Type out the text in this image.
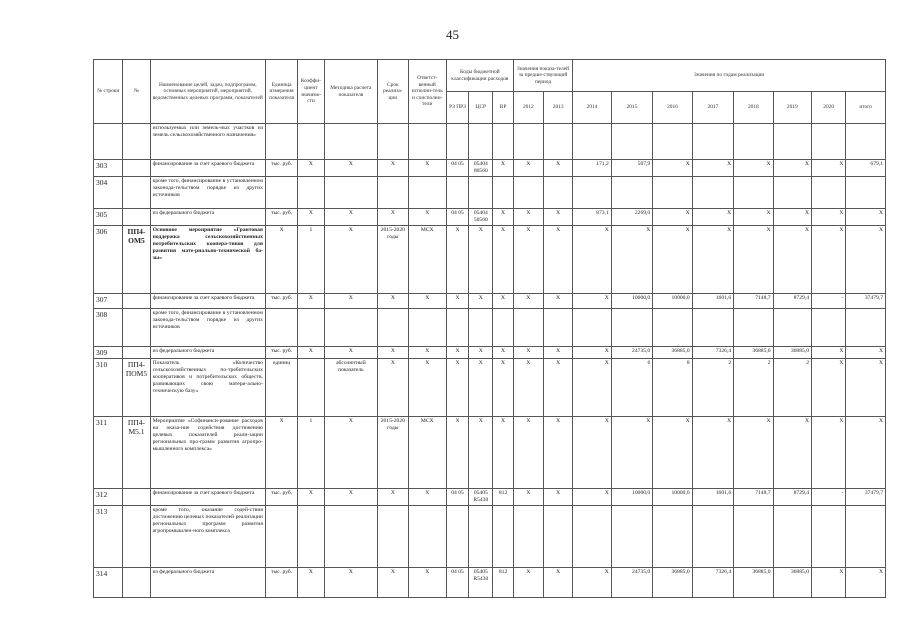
45
№ строки	№	Наименование целей, задач, подпрограмм, основных мероприятий, мероприятий, ведомственных целевых программ, показателей	Единица измерения показателя	Коэффи-циент значимо-сти	Методика расчета показателя	Срок реализа-ции	Ответст-венный исполни-тель и соисполни-тели	Коды бюджетной классификации расходов			Значения показа-телей за предше-ствующий период		Значения по годам реализации							
								РЗ ПРЗ	ЦСР	ВР	2012	2013	2014	2015	2016	2017	2018	2019	2020	итого
		используемых или земель-ных участков из земель сельскохозяйственного назначения»																		
303		финансирование за счет краевого бюджета	тыс. руб.	X	X	X	X	04 05	05404 80560	X	X	X	171,2	507,9	X	X	X	X	X	679,1
304		кроме того, финансирование в установленном законода-тельством порядке из других источников																		
305		из федерального бюджета	тыс. руб.	X	X	X	X	04 05	05404 50560	X	X	X	873,1	2269,0	X	X	X	X	X	X
306	ПП4-ОМ5	Основное мероприятие «Грантовая поддержка сельскохозяйственных потребительских коопера-тивов для развития мате-риально-технической ба-зы»	X	1	X	2015-2020 годы	МСХ	X	X	X	X	X	X	X	X	X	X	X	X	X
307		финансирование за счет краевого бюджета	тыс. руб.	X	X	X	X	X	X	X	X	X	X	10000,0	10000,0	1601,6	7148,7	8729,4	-	37479,7
308		кроме того, финансирование в установленном законода-тельством порядке из других источников																		
309		из федерального бюджета	тыс. руб.	X	X	X	X	X	X	X	X	X	X	24735,0	36885,0	7326,4	36885,0	36885,0	X	X
310	ПП4-ПОМ5	Показатель «Количество сельскохозяйственных по-требительских кооперативов и потребительских обществ, развивающих свою матери-ально-техническую базу»	единиц		абсолютный показатель	X	X	X	X	X	X	X	X	6	8	2	2	2	X	X
311	ПП4-М5.1	Мероприятие «Софинанси-рование расходов на оказа-ние содействия достижению целевых показателей реали-зации региональных про-грамм развития агропро-мышленного комплекса»	X	1	X	2015-2020 годы	МСХ	X	X	X	X	X	X	X	X	X	X	X	X	X
312		финансирование за счет краевого бюджета	тыс. руб.	X	X	X	X	04 05	05405 R5430	812	X	X	X	10000,0	10000,0	1601,6	7148,7	8729,4	-	37479,7
313		кроме того, оказание содей-ствия достижению целевых показателей реализации региональных программ развития агропромышлен-ного комплекса																		
314		из федерального бюджета	тыс. руб.	X	X	X	X	04 05	05405 R5430	812	X	X	X	24735,0	36885,0	7326,4	36885,0	36885,0	X	X
